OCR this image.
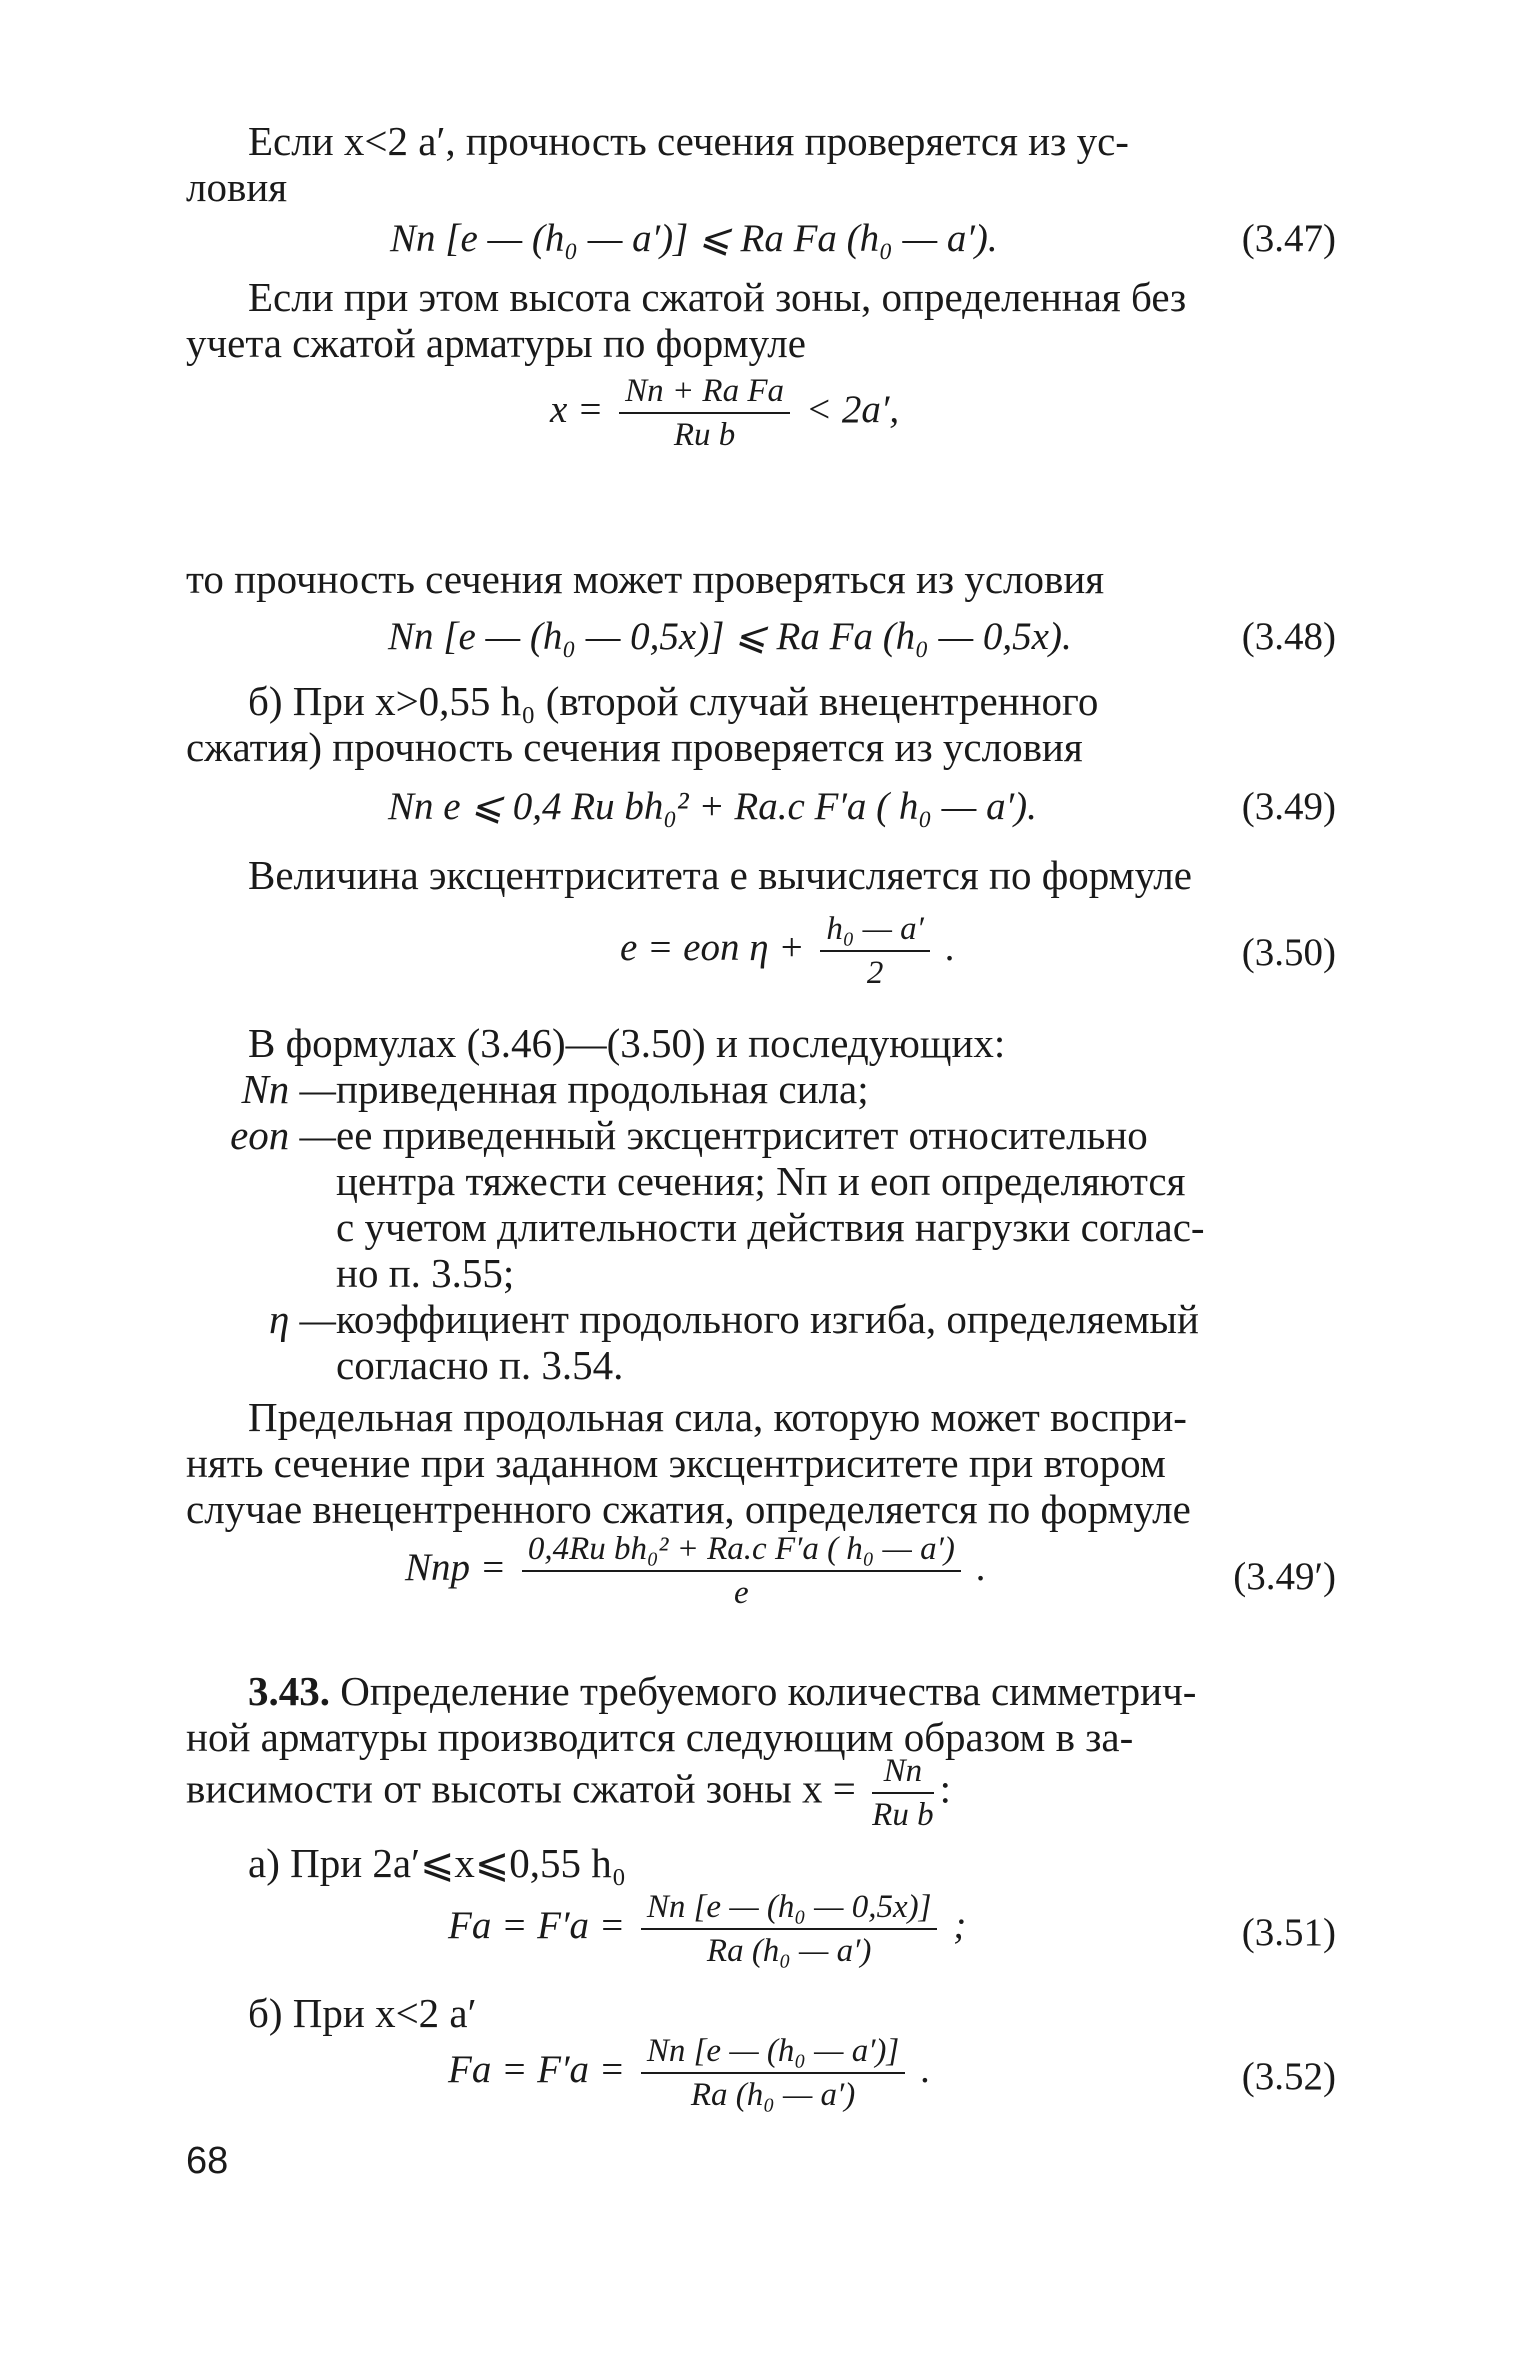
Если x<2 a′, прочность сечения проверяется из ус-
ловия
Nп [e — (h₀ — a′)] ⩽ Rа Fа (h₀ — a′).	(3.47)
Если при этом высота сжатой зоны, определенная без
учета сжатой арматуры по формуле
$x = \frac{\text{Nп + Rа Fа}}{\text{Rи b}} < 2a'$,
то прочность сечения может проверяться из условия
Nп [e — (h₀ — 0,5x)] ⩽ Rа Fа (h₀ — 0,5x).	(3.48)
б) При x>0,55 h₀ (второй случай внецентренного
сжатия) прочность сечения проверяется из условия
Nп e ⩽ 0,4 Rи bh₀² + Rа.с F′а ( h₀ — a′).	(3.49)
Величина эксцентриситета e вычисляется по формуле
e = eоп $\eta + \frac{\text{h₀ — a′}}{2}$ .	(3.50)
В формулах (3.46)—(3.50) и последующих:
Nп — приведенная продольная сила;
eоп — ее приведенный эксцентриситет относительно
центра тяжести сечения; Nп и eоп определяются
с учетом длительности действия нагрузки соглас-
но п. 3.55;
η — коэффициент продольного изгиба, определяемый
согласно п. 3.54.
Предельная продольная сила, которую может воспри-
нять сечение при заданном эксцентриситете при втором
случае внецентренного сжатия, определяется по формуле
Nпр = $\frac{\text{0,4Rи bh₀² + Rа.с F′а ( h₀ — a′)}}{e}$ .	(3.49′)
3.43. Определение требуемого количества симметрич-
ной арматуры производится следующим образом в за-
висимости от высоты сжатой зоны $x = \frac{Nп}{\text{Rи b}}$ :
а) При 2a′⩽x⩽0,55 h₀
Fа = $F'а = \frac{\text{Nп [e — (h₀ — 0,5x)]}}{\text{Rа (h₀ — a′)}}$ ;	(3.51)
б) При x<2 a′
Fа = $F'а = \frac{\text{Nп [e — (h₀ — a′)]}}{\text{Rа (h₀ — a′)}}$ .	(3.52)
68
